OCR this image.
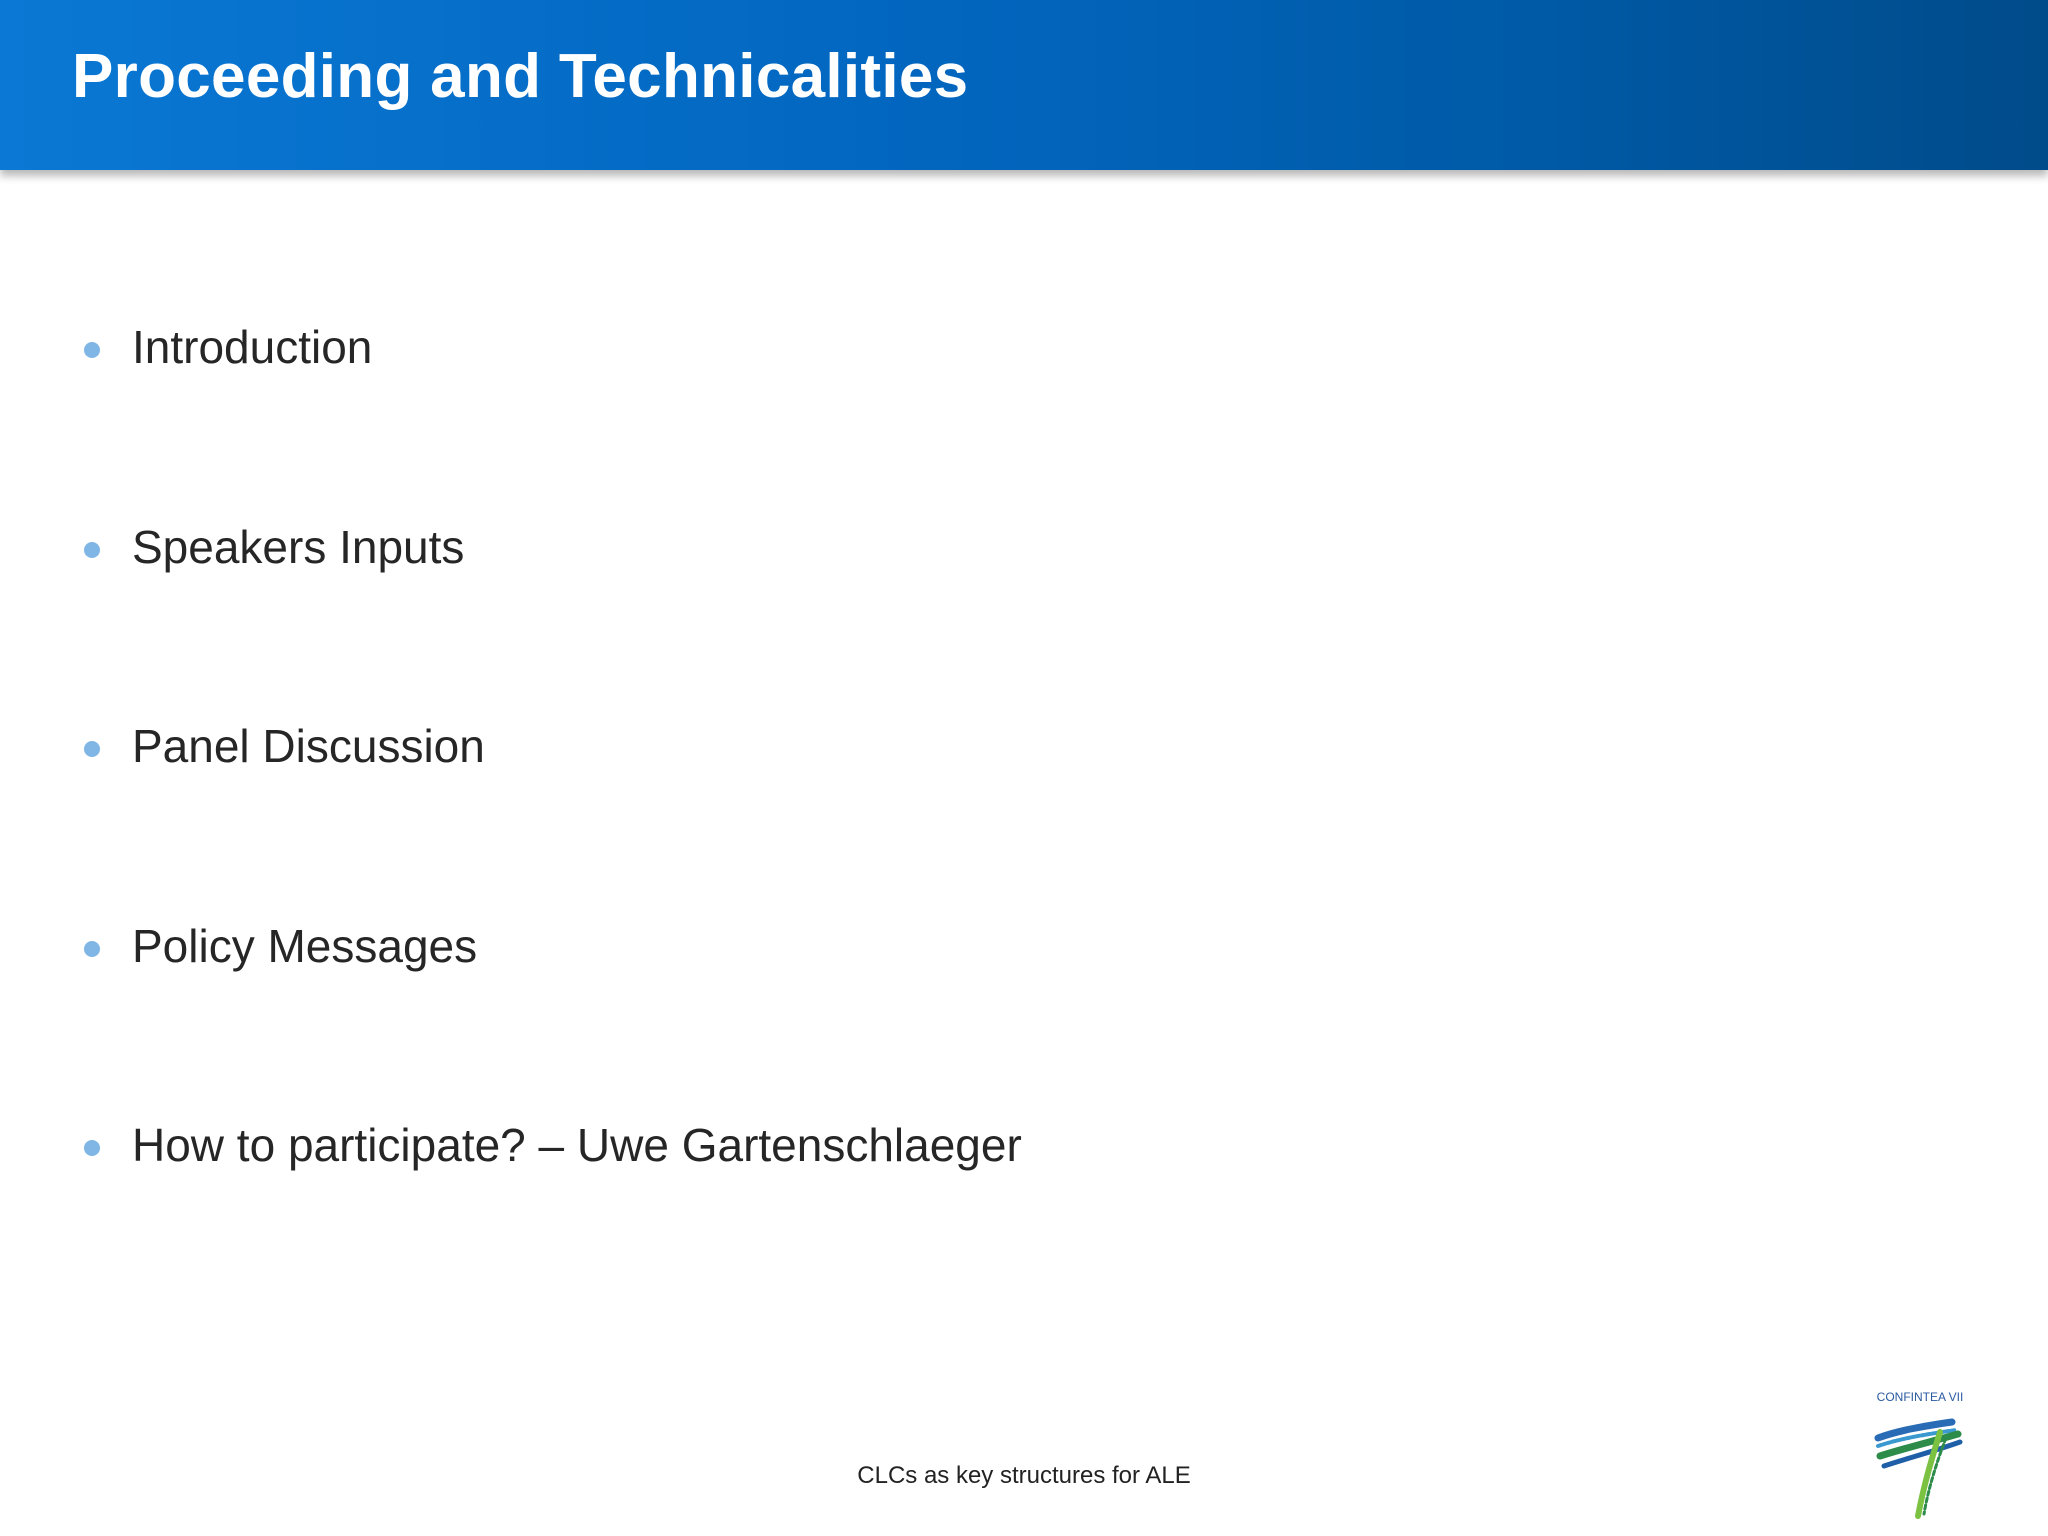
Proceeding and Technicalities
Introduction
Speakers Inputs
Panel Discussion
Policy Messages
How to participate? – Uwe Gartenschlaeger
CLCs as key structures for ALE
CONFINTEA VII
